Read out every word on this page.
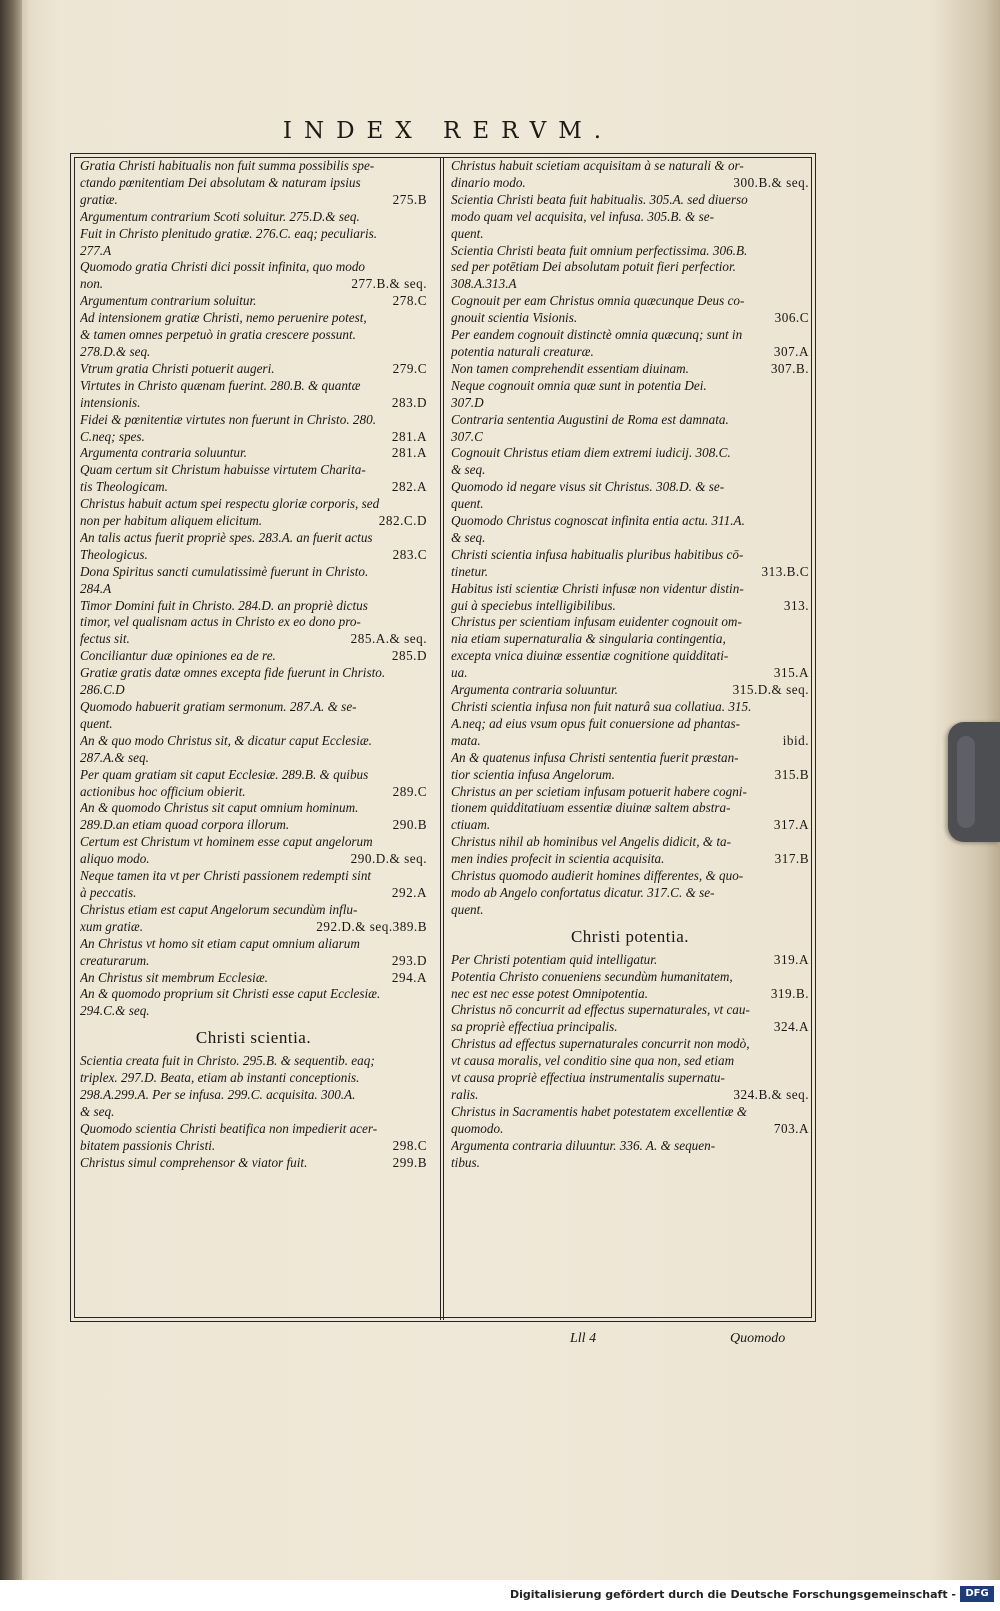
INDEX RERVM.
Gratia Christi habitualis non fuit summa possibilis spe-
ctando pœnitentiam Dei absolutam & naturam ipsius
275.B
gratiæ.
Argumentum contrarium Scoti soluitur. 275.D.& seq.
Fuit in Christo plenitudo gratiæ. 276.C. eaq; peculiaris.
277.A
Quomodo gratia Christi dici possit infinita, quo modo
277.B.& seq.
non.
278.C
Argumentum contrarium soluitur.
Ad intensionem gratiæ Christi, nemo peruenire potest,
& tamen omnes perpetuò in gratia crescere possunt.
278.D.& seq.
279.C
Vtrum gratia Christi potuerit augeri.
Virtutes in Christo quænam fuerint. 280.B. & quantæ
283.D
intensionis.
Fidei & pœnitentiæ virtutes non fuerunt in Christo. 280.
281.A
C.neq; spes.
281.A
Argumenta contraria soluuntur.
Quam certum sit Christum habuisse virtutem Charita-
282.A
tis Theologicam.
Christus habuit actum spei respectu gloriæ corporis, sed
282.C.D
non per habitum aliquem elicitum.
An talis actus fuerit propriè spes. 283.A. an fuerit actus
283.C
Theologicus.
Dona Spiritus sancti cumulatissimè fuerunt in Christo.
284.A
Timor Domini fuit in Christo. 284.D. an propriè dictus
timor, vel qualisnam actus in Christo ex eo dono pro-
285.A.& seq.
fectus sit.
285.D
Conciliantur duæ opiniones ea de re.
Gratiæ gratis datæ omnes excepta fide fuerunt in Christo.
286.C.D
Quomodo habuerit gratiam sermonum. 287.A. & se-
quent.
An & quo modo Christus sit, & dicatur caput Ecclesiæ.
287.A.& seq.
Per quam gratiam sit caput Ecclesiæ. 289.B. & quibus
289.C
actionibus hoc officium obierit.
An & quomodo Christus sit caput omnium hominum.
290.B
289.D.an etiam quoad corpora illorum.
Certum est Christum vt hominem esse caput angelorum
290.D.& seq.
aliquo modo.
Neque tamen ita vt per Christi passionem redempti sint
292.A
à peccatis.
Christus etiam est caput Angelorum secundùm influ-
292.D.& seq.389.B
xum gratiæ.
An Christus vt homo sit etiam caput omnium aliarum
293.D
creaturarum.
294.A
An Christus sit membrum Ecclesiæ.
An & quomodo proprium sit Christi esse caput Ecclesiæ.
294.C.& seq.
Christi scientia.
Scientia creata fuit in Christo. 295.B. & sequentib. eaq;
triplex. 297.D. Beata, etiam ab instanti conceptionis.
298.A.299.A. Per se infusa. 299.C. acquisita. 300.A.
& seq.
Quomodo scientia Christi beatifica non impedierit acer-
298.C
bitatem passionis Christi.
299.B
Christus simul comprehensor & viator fuit.
Christus habuit scietiam acquisitam à se naturali & or-
300.B.& seq.
dinario modo.
Scientia Christi beata fuit habitualis. 305.A. sed diuerso
modo quam vel acquisita, vel infusa. 305.B. & se-
quent.
Scientia Christi beata fuit omnium perfectissima. 306.B.
sed per potētiam Dei absolutam potuit fieri perfectior.
308.A.313.A
Cognouit per eam Christus omnia quæcunque Deus co-
306.C
gnouit scientia Visionis.
Per eandem cognouit distinctè omnia quæcunq; sunt in
307.A
potentia naturali creaturæ.
307.B.
Non tamen comprehendit essentiam diuinam.
Neque cognouit omnia quæ sunt in potentia Dei.
307.D
Contraria sententia Augustini de Roma est damnata.
307.C
Cognouit Christus etiam diem extremi iudicij. 308.C.
& seq.
Quomodo id negare visus sit Christus. 308.D. & se-
quent.
Quomodo Christus cognoscat infinita entia actu. 311.A.
& seq.
Christi scientia infusa habitualis pluribus habitibus cō-
313.B.C
tinetur.
Habitus isti scientiæ Christi infusæ non videntur distin-
313.
gui à speciebus intelligibilibus.
Christus per scientiam infusam euidenter cognouit om-
nia etiam supernaturalia & singularia contingentia,
excepta vnica diuinæ essentiæ cognitione quidditati-
315.A
ua.
315.D.& seq.
Argumenta contraria soluuntur.
Christi scientia infusa non fuit naturâ sua collatiua. 315.
A.neq; ad eius vsum opus fuit conuersione ad phantas-
ibid.
mata.
An & quatenus infusa Christi sententia fuerit præstan-
315.B
tior scientia infusa Angelorum.
Christus an per scietiam infusam potuerit habere cogni-
tionem quidditatiuam essentiæ diuinæ saltem abstra-
317.A
ctiuam.
Christus nihil ab hominibus vel Angelis didicit, & ta-
317.B
men indies profecit in scientia acquisita.
Christus quomodo audierit homines differentes, & quo-
modo ab Angelo confortatus dicatur. 317.C. & se-
quent.
Christi potentia.
319.A
Per Christi potentiam quid intelligatur.
Potentia Christo conueniens secundùm humanitatem,
319.B.
nec est nec esse potest Omnipotentia.
Christus nō concurrit ad effectus supernaturales, vt cau-
324.A
sa propriè effectiua principalis.
Christus ad effectus supernaturales concurrit non modò,
vt causa moralis, vel conditio sine qua non, sed etiam
vt causa propriè effectiua instrumentalis supernatu-
324.B.& seq.
ralis.
Christus in Sacramentis habet potestatem excellentiæ &
703.A
quomodo.
Argumenta contraria diluuntur. 336. A. & sequen-
tibus.
Lll 4	Quomodo
Digitalisierung gefördert durch die Deutsche Forschungsgemeinschaft - DFG
